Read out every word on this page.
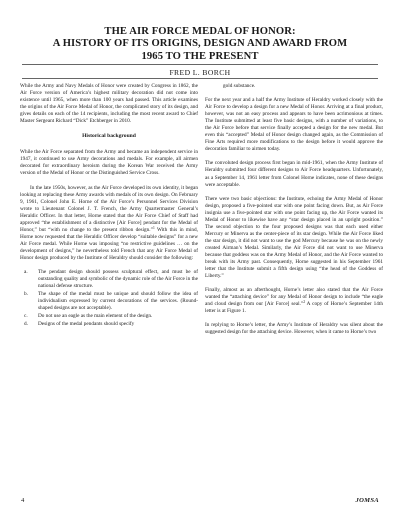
THE AIR FORCE MEDAL OF HONOR:
A HISTORY OF ITS ORIGINS, DESIGN AND AWARD FROM
1965 TO THE PRESENT
FRED L. BORCH

While the Army and Navy Medals of Honor were created by Congress in 1862, the Air Force version of America’s highest military decoration did not come into existence until 1965, when more than 100 years had passed. This article examines the origins of the Air Force Medal of Honor, the complicated story of its design, and gives details on each of the 14 recipients, including the most recent award to Chief Master Sergeant Richard “Dick” Etchberger in 2010.

Historical background

While the Air Force separated from the Army and became an independent service in 1947, it continued to use Army decorations and medals. For example, all airmen decorated for extraordinary heroism during the Korean War received the Army version of the Medal of Honor or the Distinguished Service Cross.

In the late 1950s, however, as the Air Force developed its own identity, it began looking at replacing these Army awards with medals of its own design. On February 9, 1961, Colonel John E. Horne of the Air Force’s Personnel Services Division wrote to Lieutenant Colonel J. T. French, the Army Quartermaster General’s Heraldic Officer. In that letter, Horne stated that the Air Force Chief of Staff had approved “the establishment of a distinctive [Air Force] pendant for the Medal of Honor,” but “with no change to the present ribbon design.”$^1$ With this in mind, Horne now requested that the Heraldic Officer develop “suitable designs” for a new Air Force medal. While Horne was imposing “no restrictive guidelines … on the development of designs,” he nevertheless told French that any Air Force Medal of Honor design produced by the Institute of Heraldry should consider the following:

a.	The pendant design should possess sculptural effect, and must be of outstanding quality and symbolic of the dynamic role of the Air Force in the national defense structure.
b.	The shape of the medal must be unique and should follow the idea of individualism expressed by current decorations of the services. (Round-shaped designs are not acceptable).
c.	Do not use an eagle as the main element of the design.
d.	Designs of the medal pendants should specify

gold substance.

For the next year and a half the Army Institute of Heraldry worked closely with the Air Force to develop a design for a new Medal of Honor. Arriving at a final product, however, was not an easy process and appears to have been acrimonious at times. The Institute submitted at least five basic designs, with a number of variations, to the Air Force before that service finally accepted a design for the new medal. But even this “accepted” Medal of Honor design changed again, as the Commission of Fine Arts required more modifications to the design before it would approve the decoration familiar to airmen today.

The convoluted design process first began in mid-1961, when the Army Institute of Heraldry submitted four different designs to Air Force headquarters. Unfortunately, as a September 14, 1961 letter from Colonel Horne indicates, none of these designs were acceptable.

There were two basic objections: the Institute, echoing the Army Medal of Honor design, proposed a five-pointed star with one point facing down. But, as Air Force insignia use a five-pointed star with one point facing up, the Air Force wanted its Medal of Honor to likewise have any “star design placed in an upright position.” The second objection to the four proposed designs was that each used either Mercury or Minerva as the center-piece of its star design. While the Air Force liked the star design, it did not want to use the god Mercury because he was on the newly created Airman’s Medal. Similarly, the Air Force did not want to use Minerva because that goddess was on the Army Medal of Honor, and the Air Force wanted to break with its Army past. Consequently, Horne suggested in his September 1961 letter that the Institute submit a fifth design using “the head of the Goddess of Liberty.”

Finally, almost as an afterthought, Horne’s letter also stated that the Air Force wanted the “attaching device” for any Medal of Honor design to include “the eagle and cloud design from our [Air Force] seal.”$^2$ A copy of Horne’s September 14th letter is at Figure 1.

In replying to Horne’s letter, the Army’s Institute of Heraldry was silent about the suggested design for the attaching device. However, when it came to Horne’s two

4	JOMSA
